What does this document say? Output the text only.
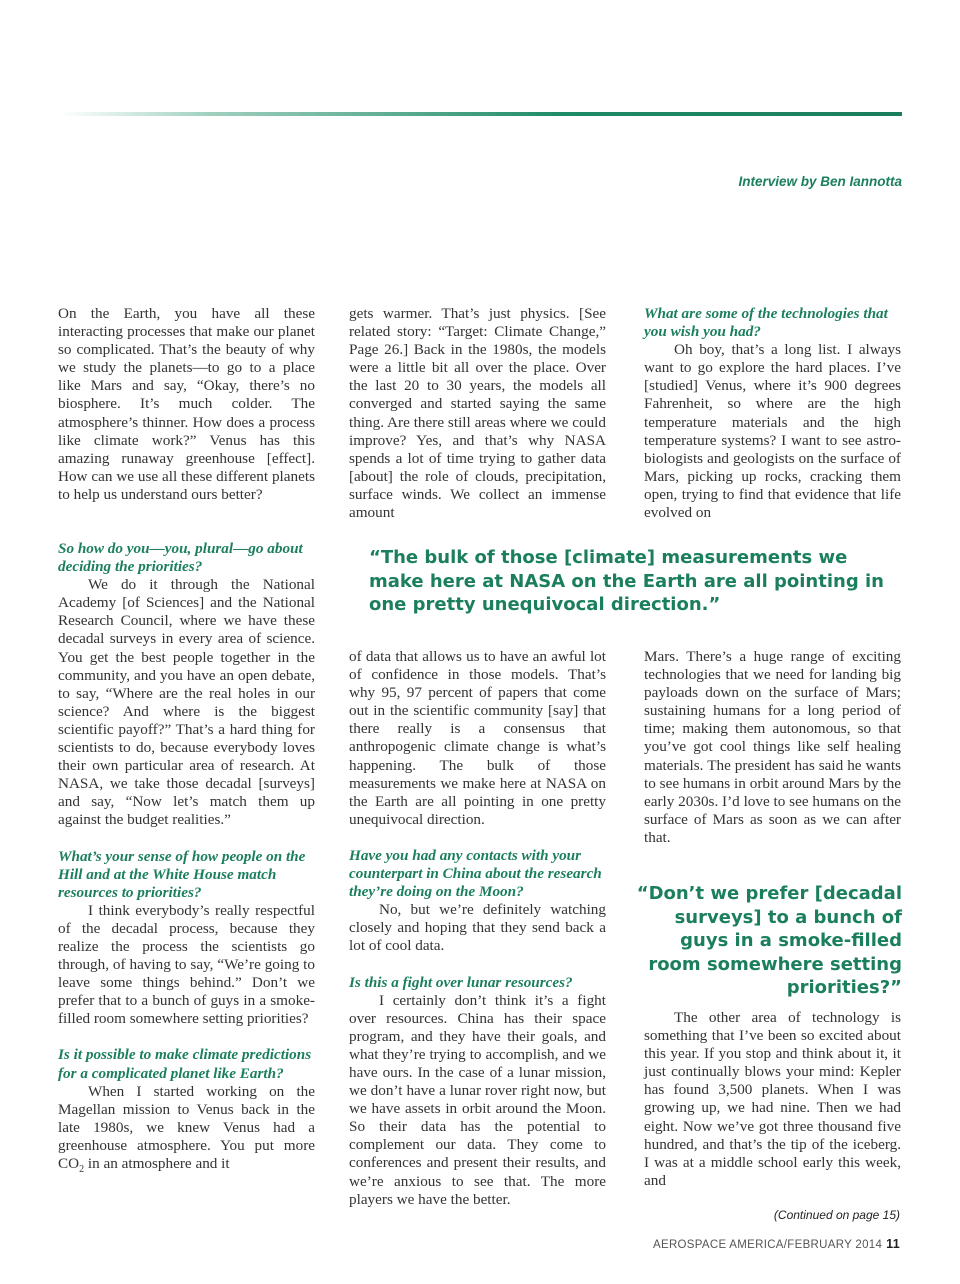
Interview by Ben Iannotta

On the Earth, you have all these interacting processes that make our planet so complicated. That’s the beauty of why we study the planets—to go to a place like Mars and say, “Okay, there’s no biosphere. It’s much colder. The atmosphere’s thinner. How does a process like climate work?” Venus has this amazing runaway greenhouse [effect]. How can we use all these different planets to help us understand ours better?

gets warmer. That’s just physics. [See related story: “Target: Climate Change,” Page 26.] Back in the 1980s, the models were a little bit all over the place. Over the last 20 to 30 years, the models all converged and started saying the same thing. Are there still areas where we could improve? Yes, and that’s why NASA spends a lot of time trying to gather data [about] the role of clouds, precipitation, surface winds. We collect an immense amount

What are some of the technologies that you wish you had?

Oh boy, that’s a long list. I always want to go explore the hard places. I’ve [studied] Venus, where it’s 900 degrees Fahrenheit, so where are the high temperature materials and the high temperature systems? I want to see astro-biologists and geologists on the surface of Mars, picking up rocks, cracking them open, trying to find that evidence that life evolved on

“The bulk of those [climate] measurements we make here at NASA on the Earth are all pointing in one pretty unequivocal direction.”

So how do you—you, plural—go about deciding the priorities?

We do it through the National Academy [of Sciences] and the National Research Council, where we have these decadal surveys in every area of science. You get the best people together in the community, and you have an open debate, to say, “Where are the real holes in our science? And where is the biggest scientific payoff?” That’s a hard thing for scientists to do, because everybody loves their own particular area of research. At NASA, we take those decadal [surveys] and say, “Now let’s match them up against the budget realities.”

What’s your sense of how people on the Hill and at the White House match resources to priorities?

I think everybody’s really respectful of the decadal process, because they realize the process the scientists go through, of having to say, “We’re going to leave some things behind.” Don’t we prefer that to a bunch of guys in a smoke-filled room somewhere setting priorities?

Is it possible to make climate predictions for a complicated planet like Earth?

When I started working on the Magellan mission to Venus back in the late 1980s, we knew Venus had a greenhouse atmosphere. You put more $CO_2$ in an atmosphere and it

of data that allows us to have an awful lot of confidence in those models. That’s why 95, 97 percent of papers that come out in the scientific community [say] that there really is a consensus that anthropogenic climate change is what’s happening. The bulk of those measurements we make here at NASA on the Earth are all pointing in one pretty unequivocal direction.

Have you had any contacts with your counterpart in China about the research they’re doing on the Moon?

No, but we’re definitely watching closely and hoping that they send back a lot of cool data.

Is this a fight over lunar resources?

I certainly don’t think it’s a fight over resources. China has their space program, and they have their goals, and what they’re trying to accomplish, and we have ours. In the case of a lunar mission, we don’t have a lunar rover right now, but we have assets in orbit around the Moon. So their data has the potential to complement our data. They come to conferences and present their results, and we’re anxious to see that. The more players we have the better.

Mars. There’s a huge range of exciting technologies that we need for landing big payloads down on the surface of Mars; sustaining humans for a long period of time; making them autonomous, so that you’ve got cool things like self healing materials. The president has said he wants to see humans in orbit around Mars by the early 2030s. I’d love to see humans on the surface of Mars as soon as we can after that.

“Don’t we prefer [decadal surveys] to a bunch of guys in a smoke-filled room somewhere setting priorities?”

The other area of technology is something that I’ve been so excited about this year. If you stop and think about it, it just continually blows your mind: Kepler has found 3,500 planets. When I was growing up, we had nine. Then we had eight. Now we’ve got three thousand five hundred, and that’s the tip of the iceberg. I was at a middle school early this week, and

(Continued on page 15)
AEROSPACE AMERICA/FEBRUARY 2014 11
